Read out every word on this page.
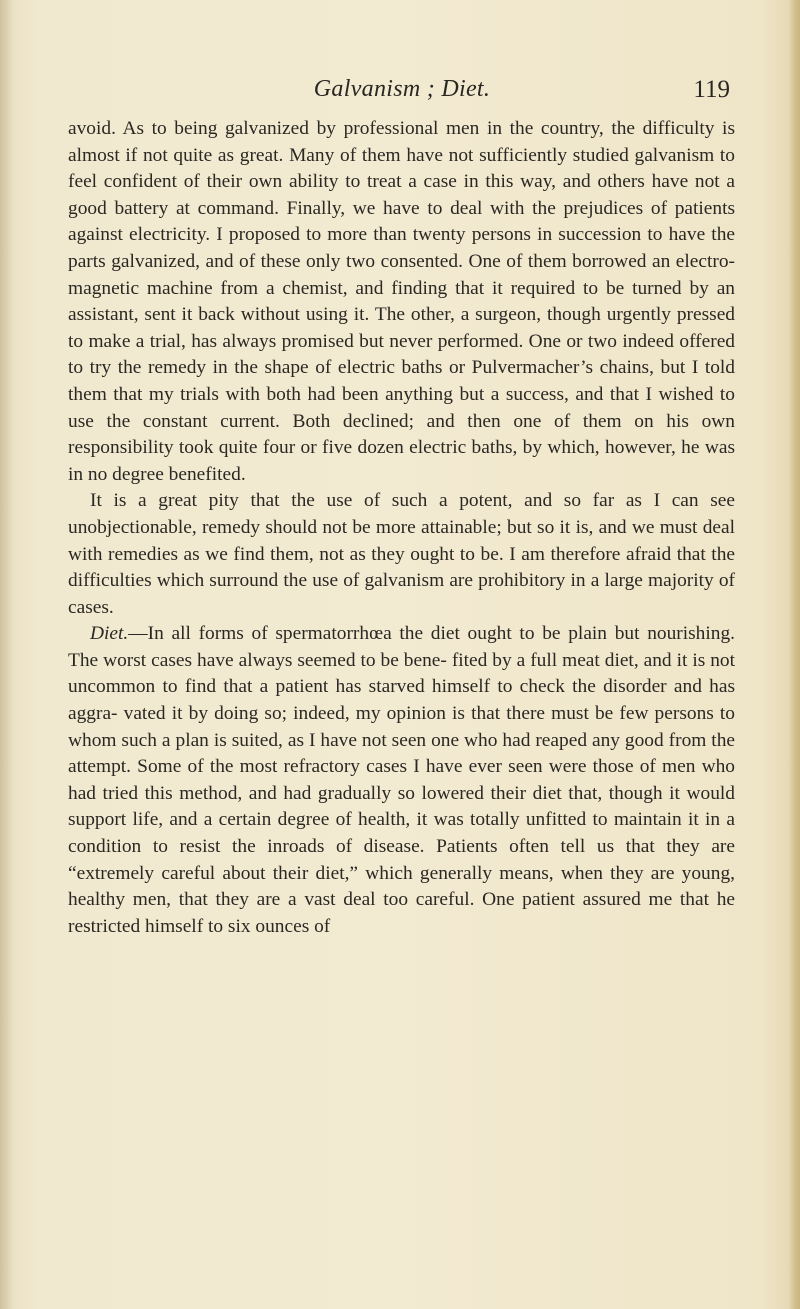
Galvanism ; Diet.	119

avoid. As to being galvanized by professional men in the country, the difficulty is almost if not quite as great. Many of them have not sufficiently studied galvanism to feel confident of their own ability to treat a case in this way, and others have not a good battery at command. Finally, we have to deal with the prejudices of patients against electricity. I proposed to more than twenty persons in succession to have the parts galvanized, and of these only two consented. One of them borrowed an electro-magnetic machine from a chemist, and finding that it required to be turned by an assistant, sent it back without using it. The other, a surgeon, though urgently pressed to make a trial, has always promised but never performed. One or two indeed offered to try the remedy in the shape of electric baths or Pulvermacher’s chains, but I told them that my trials with both had been anything but a success, and that I wished to use the constant current. Both declined; and then one of them on his own responsibility took quite four or five dozen electric baths, by which, however, he was in no degree benefited.

It is a great pity that the use of such a potent, and so far as I can see unobjectionable, remedy should not be more attainable; but so it is, and we must deal with remedies as we find them, not as they ought to be. I am therefore afraid that the difficulties which surround the use of galvanism are prohibitory in a large majority of cases.

Diet.—In all forms of spermatorrhœa the diet ought to be plain but nourishing. The worst cases have always seemed to be bene- fited by a full meat diet, and it is not uncommon to find that a patient has starved himself to check the disorder and has aggra- vated it by doing so; indeed, my opinion is that there must be few persons to whom such a plan is suited, as I have not seen one who had reaped any good from the attempt. Some of the most refractory cases I have ever seen were those of men who had tried this method, and had gradually so lowered their diet that, though it would support life, and a certain degree of health, it was totally unfitted to maintain it in a condition to resist the inroads of disease. Patients often tell us that they are “extremely careful about their diet,” which generally means, when they are young, healthy men, that they are a vast deal too careful. One patient assured me that he restricted himself to six ounces of
